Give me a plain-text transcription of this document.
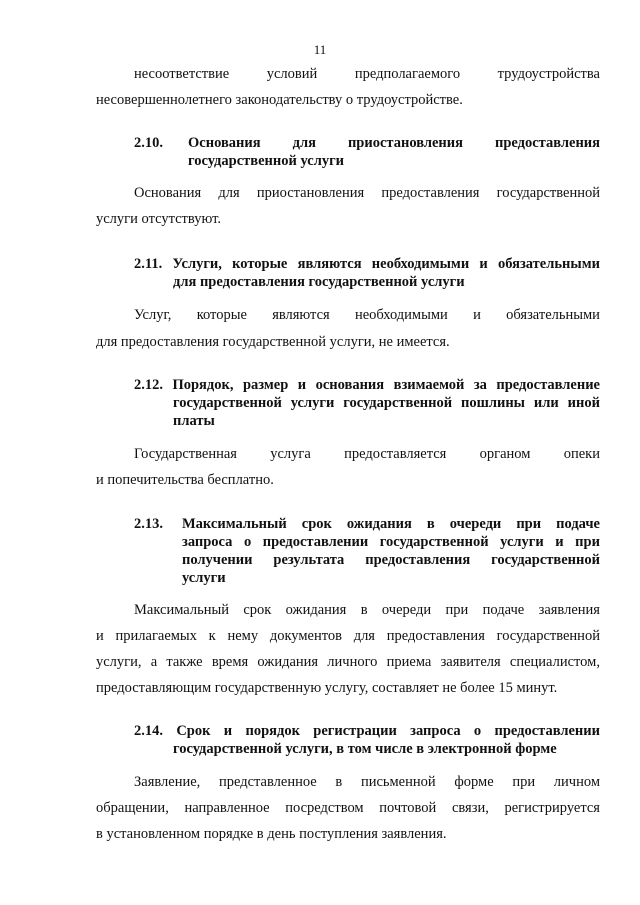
11
несоответствие	условий	предполагаемого	трудоустройства
несовершеннолетнего законодательству о трудоустройстве.
2.10. Основания для приостановления предоставления
государственной услуги
Основания для приостановления предоставления государственной
услуги отсутствуют.
2.11. Услуги, которые являются необходимыми и обязательными
для предоставления государственной услуги
Услуг, которые являются необходимыми и обязательными
для предоставления государственной услуги, не имеется.
2.12. Порядок, размер и основания взимаемой за предоставление
государственной услуги государственной пошлины или иной
платы
Государственная услуга предоставляется органом опеки
и попечительства бесплатно.
2.13. Максимальный срок ожидания в очереди при подаче
запроса о предоставлении государственной услуги и при
получении результата предоставления государственной
услуги
Максимальный срок ожидания в очереди при подаче заявления
и прилагаемых к нему документов для предоставления государственной
услуги, а также время ожидания личного приема заявителя специалистом,
предоставляющим государственную услугу, составляет не более 15 минут.
2.14. Срок и порядок регистрации запроса о предоставлении
государственной услуги, в том числе в электронной форме
Заявление, представленное в письменной форме при личном
обращении, направленное посредством почтовой связи, регистрируется
в установленном порядке в день поступления заявления.
